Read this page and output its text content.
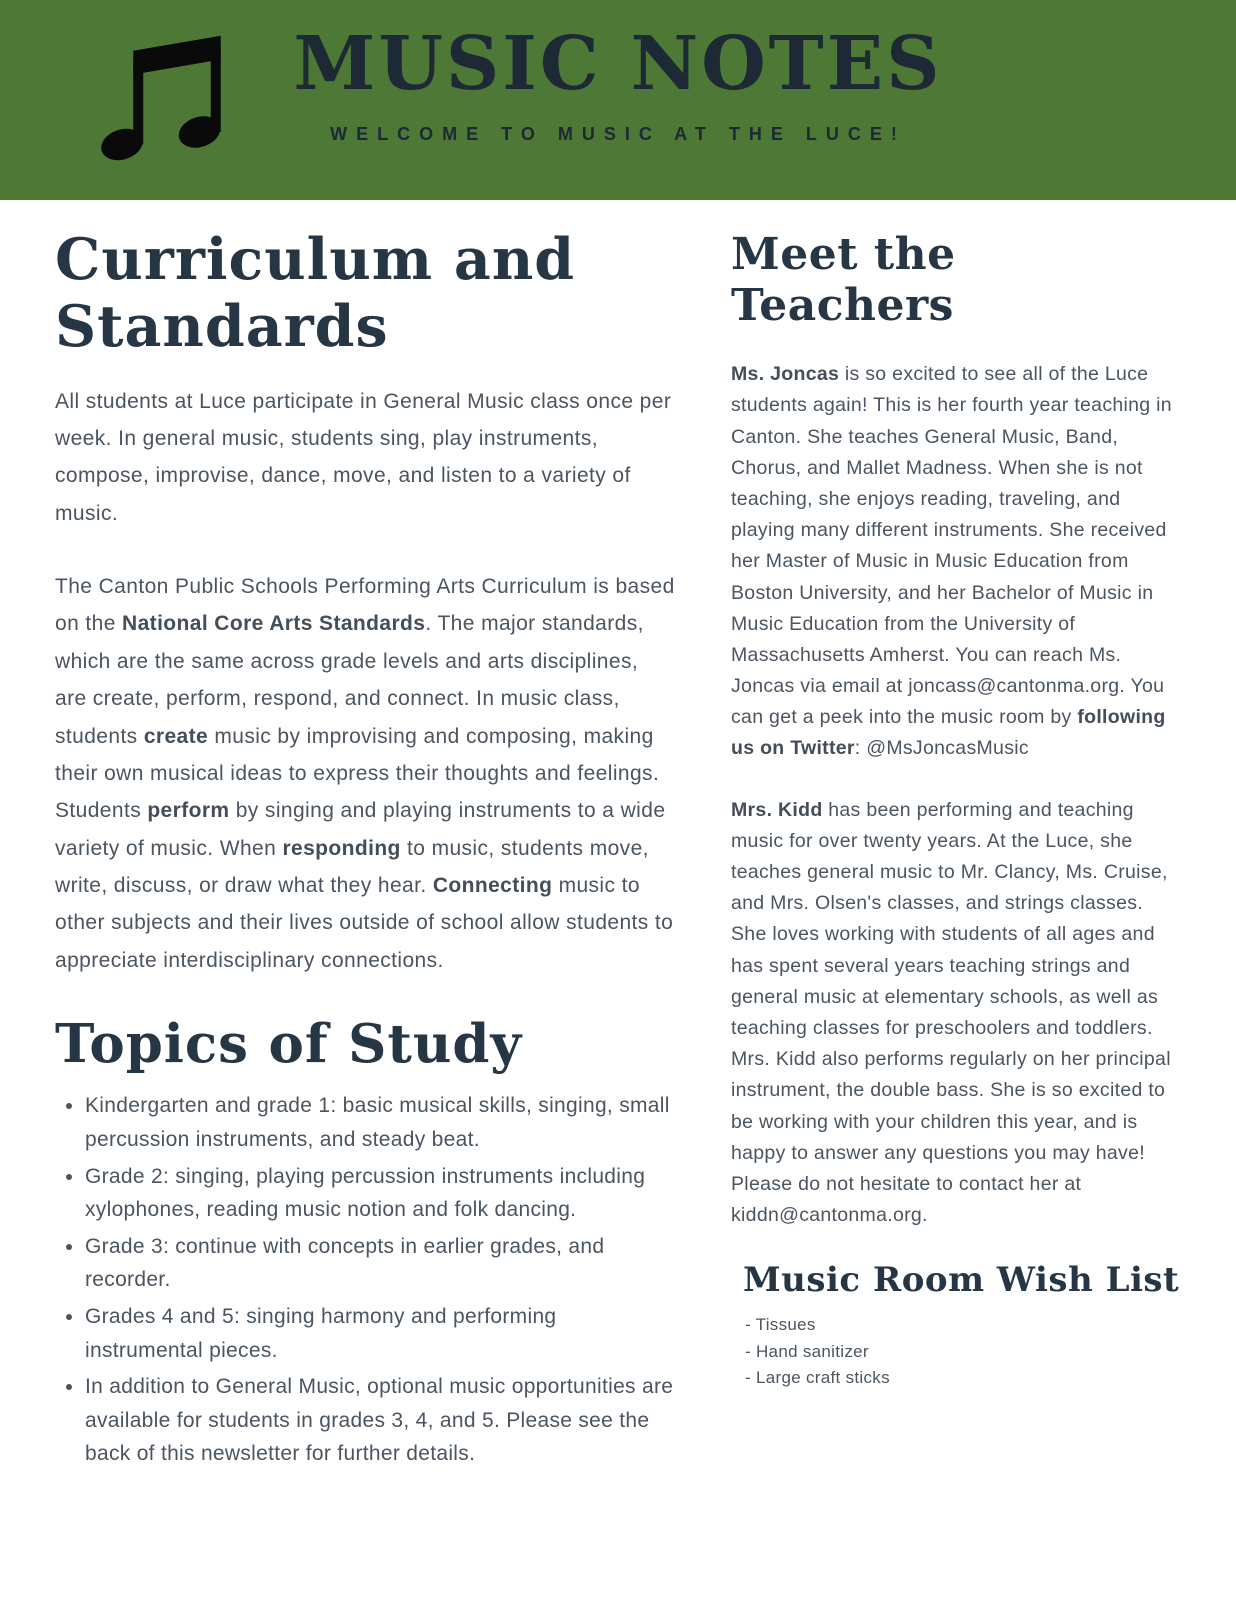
MUSIC NOTES
WELCOME TO MUSIC AT THE LUCE!
Curriculum and Standards

All students at Luce participate in General Music class once per week. In general music, students sing, play instruments, compose, improvise, dance, move, and listen to a variety of music.

The Canton Public Schools Performing Arts Curriculum is based on the National Core Arts Standards. The major standards, which are the same across grade levels and arts disciplines, are create, perform, respond, and connect. In music class, students create music by improvising and composing, making their own musical ideas to express their thoughts and feelings. Students perform by singing and playing instruments to a wide variety of music. When responding to music, students move, write, discuss, or draw what they hear. Connecting music to other subjects and their lives outside of school allow students to appreciate interdisciplinary connections.

Topics of Study
• Kindergarten and grade 1: basic musical skills, singing, small percussion instruments, and steady beat.
• Grade 2: singing, playing percussion instruments including xylophones, reading music notion and folk dancing.
• Grade 3: continue with concepts in earlier grades, and recorder.
• Grades 4 and 5: singing harmony and performing instrumental pieces.
• In addition to General Music, optional music opportunities are available for students in grades 3, 4, and 5. Please see the back of this newsletter for further details.
Meet the Teachers

Ms. Joncas is so excited to see all of the Luce students again! This is her fourth year teaching in Canton. She teaches General Music, Band, Chorus, and Mallet Madness. When she is not teaching, she enjoys reading, traveling, and playing many different instruments. She received her Master of Music in Music Education from Boston University, and her Bachelor of Music in Music Education from the University of Massachusetts Amherst. You can reach Ms. Joncas via email at joncass@cantonma.org. You can get a peek into the music room by following us on Twitter: @MsJoncasMusic

Mrs. Kidd has been performing and teaching music for over twenty years. At the Luce, she teaches general music to Mr. Clancy, Ms. Cruise, and Mrs. Olsen's classes, and strings classes. She loves working with students of all ages and has spent several years teaching strings and general music at elementary schools, as well as teaching classes for preschoolers and toddlers. Mrs. Kidd also performs regularly on her principal instrument, the double bass. She is so excited to be working with your children this year, and is happy to answer any questions you may have! Please do not hesitate to contact her at kiddn@cantonma.org.

Music Room Wish List
- Tissues
- Hand sanitizer
- Large craft sticks
